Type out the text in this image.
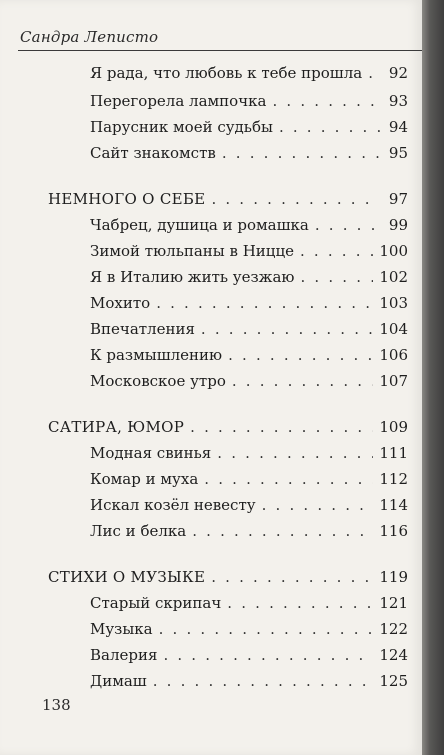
Сандра Леписто
Я рада, что любовь к тебе прошла . . . 92
Перегорела лампочка . . .	93
Парусник моей судьбы . . .	94
Сайт знакомств . . .	95
НЕМНОГО О СЕБЕ . . .	97
Чабрец, душица и ромашка . . .	99
Зимой тюльпаны в Ницце . . .	100
Я в Италию жить уезжаю . . .	102
Мохито . . .	103
Впечатления . . .	104
К размышлению . . .	106
Московское утро . . .	107
САТИРА, ЮМОР . . .	109
Модная свинья . . .	111
Комар и муха . . .	112
Искал козёл невесту . . .	114
Лис и белка . . .	116
СТИХИ О МУЗЫКЕ . . .	119
Старый скрипач . . .	121
Музыка . . .	122
Валерия . . .	124
Димаш . . .	125
138
